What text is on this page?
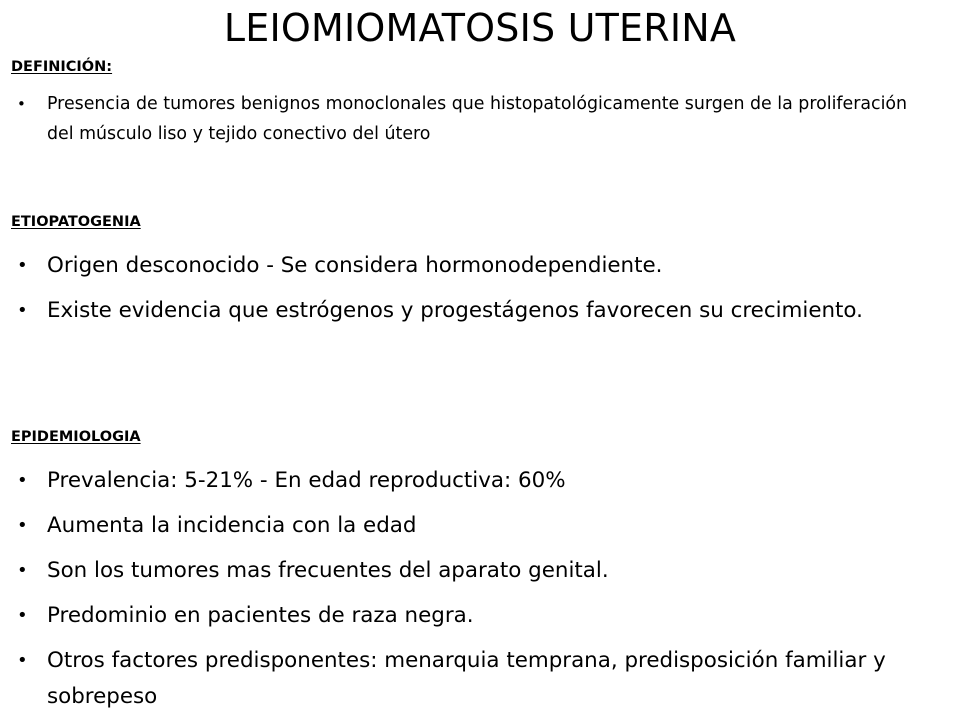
LEIOMIOMATOSIS UTERINA
DEFINICIÓN:
• Presencia de tumores benignos monoclonales que histopatológicamente surgen de la proliferación del músculo liso y tejido conectivo del útero
ETIOPATOGENIA
• Origen desconocido - Se considera hormonodependiente.
• Existe evidencia que estrógenos y progestágenos favorecen su crecimiento.
EPIDEMIOLOGIA
• Prevalencia: 5-21% - En edad reproductiva: 60%
• Aumenta la incidencia con la edad
• Son los tumores mas frecuentes del aparato genital.
• Predominio en pacientes de raza negra.
• Otros factores predisponentes: menarquia temprana, predisposición familiar y sobrepeso
